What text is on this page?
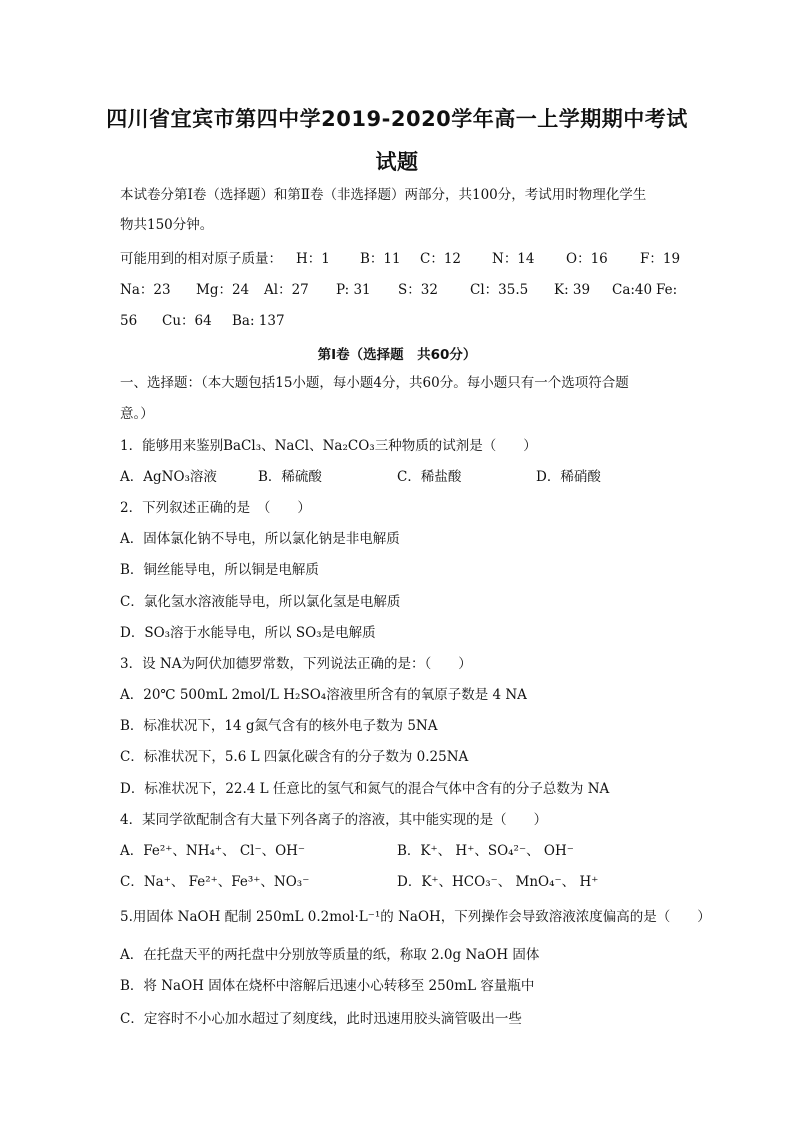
四川省宜宾市第四中学2019-2020学年高一上学期期中考试
试题
本试卷分第Ⅰ卷（选择题）和第Ⅱ卷（非选择题）两部分，共100分，考试用时物理化学生
物共150分钟。
可能用到的相对原子质量： H：1 B：11 C：12 N：14 O：16 F：19
Na：23 Mg：24 Al：27 P: 31 S：32 Cl：35.5 K: 39 Ca:40 Fe:
56 Cu：64 Ba: 137
第Ⅰ卷（选择题　共60分）
一、选择题：（本大题包括15小题，每小题4分，共60分。每小题只有一个选项符合题
意。）
1．能够用来鉴别BaCl₃、NaCl、Na₂CO₃三种物质的试剂是（　　）
A．AgNO₃溶液	B．稀硫酸	C．稀盐酸	D．稀硝酸
2．下列叙述正确的是　（　　）
A．固体氯化钠不导电，所以氯化钠是非电解质
B．铜丝能导电，所以铜是电解质
C．氯化氢水溶液能导电，所以氯化氢是电解质
D．SO₃溶于水能导电，所以 SO₃是电解质
3．设 NA为阿伏加德罗常数，下列说法正确的是：（　　）
A．20℃ 500mL 2mol/L H₂SO₄溶液里所含有的氧原子数是 4 NA
B．标准状况下，14 g氮气含有的核外电子数为 5NA
C．标准状况下，5.6 L 四氯化碳含有的分子数为 0.25NA
D．标准状况下，22.4 L 任意比的氢气和氮气的混合气体中含有的分子总数为 NA
4．某同学欲配制含有大量下列各离子的溶液，其中能实现的是（　　）
A．Fe²⁺、NH₄⁺、 Cl⁻、OH⁻	B．K⁺、 H⁺、SO₄²⁻、 OH⁻
C．Na⁺、 Fe²⁺、Fe³⁺、NO₃⁻	D．K⁺、HCO₃⁻、 MnO₄⁻、 H⁺
5.用固体 NaOH 配制 250mL 0.2mol·L⁻¹的 NaOH，下列操作会导致溶液浓度偏高的是（　　）
A．在托盘天平的两托盘中分别放等质量的纸，称取 2.0g NaOH 固体
B．将 NaOH 固体在烧杯中溶解后迅速小心转移至 250mL 容量瓶中
C．定容时不小心加水超过了刻度线，此时迅速用胶头滴管吸出一些
